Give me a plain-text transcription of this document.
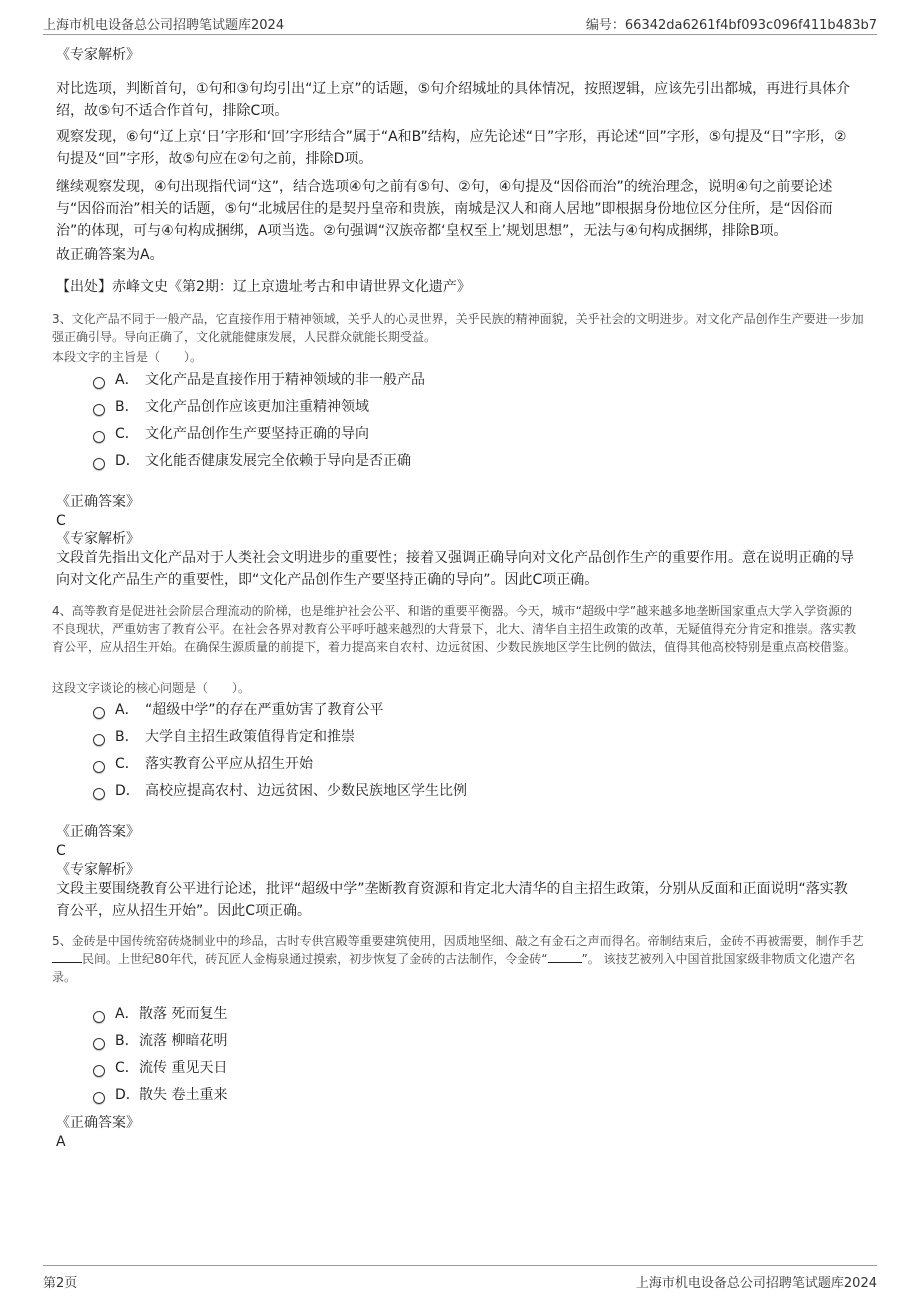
上海市机电设备总公司招聘笔试题库2024	编号：66342da6261f4bf093c096f411b483b7
《专家解析》
对比选项，判断首句，①句和③句均引出“辽上京”的话题，⑤句介绍城址的具体情况，按照逻辑，应该先引出都城，再进行具体介绍，故⑤句不适合作首句，排除C项。
观察发现，⑥句“辽上京‘日’字形和‘回’字形结合”属于“A和B”结构，应先论述“日”字形，再论述“回”字形，⑤句提及“日”字形，②句提及“回”字形，故⑤句应在②句之前，排除D项。
继续观察发现，④句出现指代词“这”，结合选项④句之前有⑤句、②句，④句提及“因俗而治”的统治理念，说明④句之前要论述与“因俗而治”相关的话题，⑤句“北城居住的是契丹皇帝和贵族，南城是汉人和商人居地”即根据身份地位区分住所，是“因俗而治”的体现，可与④句构成捆绑，A项当选。②句强调“汉族帝都‘皇权至上’规划思想”，无法与④句构成捆绑，排除B项。
故正确答案为A。
【出处】赤峰文史《第2期：辽上京遗址考古和申请世界文化遗产》
3、文化产品不同于一般产品，它直接作用于精神领域，关乎人的心灵世界，关乎民族的精神面貌，关乎社会的文明进步。对文化产品创作生产要进一步加强正确引导。导向正确了，文化就能健康发展，人民群众就能长期受益。
本段文字的主旨是（　　）。
A． 文化产品是直接作用于精神领域的非一般产品
B． 文化产品创作应该更加注重精神领域
C． 文化产品创作生产要坚持正确的导向
D． 文化能否健康发展完全依赖于导向是否正确
《正确答案》
C
《专家解析》
文段首先指出文化产品对于人类社会文明进步的重要性；接着又强调正确导向对文化产品创作生产的重要作用。意在说明正确的导向对文化产品生产的重要性，即“文化产品创作生产要坚持正确的导向”。因此C项正确。
4、高等教育是促进社会阶层合理流动的阶梯，也是维护社会公平、和谐的重要平衡器。今天，城市“超级中学”越来越多地垄断国家重点大学入学资源的不良现状，严重妨害了教育公平。在社会各界对教育公平呼吁越来越烈的大背景下，北大、清华自主招生政策的改革，无疑值得充分肯定和推崇。落实教育公平，应从招生开始。在确保生源质量的前提下，着力提高来自农村、边远贫困、少数民族地区学生比例的做法，值得其他高校特别是重点高校借鉴。
这段文字谈论的核心问题是（　　）。
A． “超级中学”的存在严重妨害了教育公平
B． 大学自主招生政策值得肯定和推崇
C． 落实教育公平应从招生开始
D． 高校应提高农村、边远贫困、少数民族地区学生比例
《正确答案》
C
《专家解析》
文段主要围绕教育公平进行论述，批评“超级中学”垄断教育资源和肯定北大清华的自主招生政策，分别从反面和正面说明“落实教育公平，应从招生开始”。因此C项正确。
5、金砖是中国传统窑砖烧制业中的珍品，古时专供宫殿等重要建筑使用，因质地坚细、敲之有金石之声而得名。帝制结束后，金砖不再被需要，制作手艺民间。上世纪80年代，砖瓦匠人金梅泉通过摸索，初步恢复了金砖的古法制作，令金砖“	”。 该技艺被列入中国首批国家级非物质文化遗产名录。
A． 散落 死而复生
B． 流落 柳暗花明
C． 流传 重见天日
D． 散失 卷土重来
《正确答案》
A
第2页	上海市机电设备总公司招聘笔试题库2024
